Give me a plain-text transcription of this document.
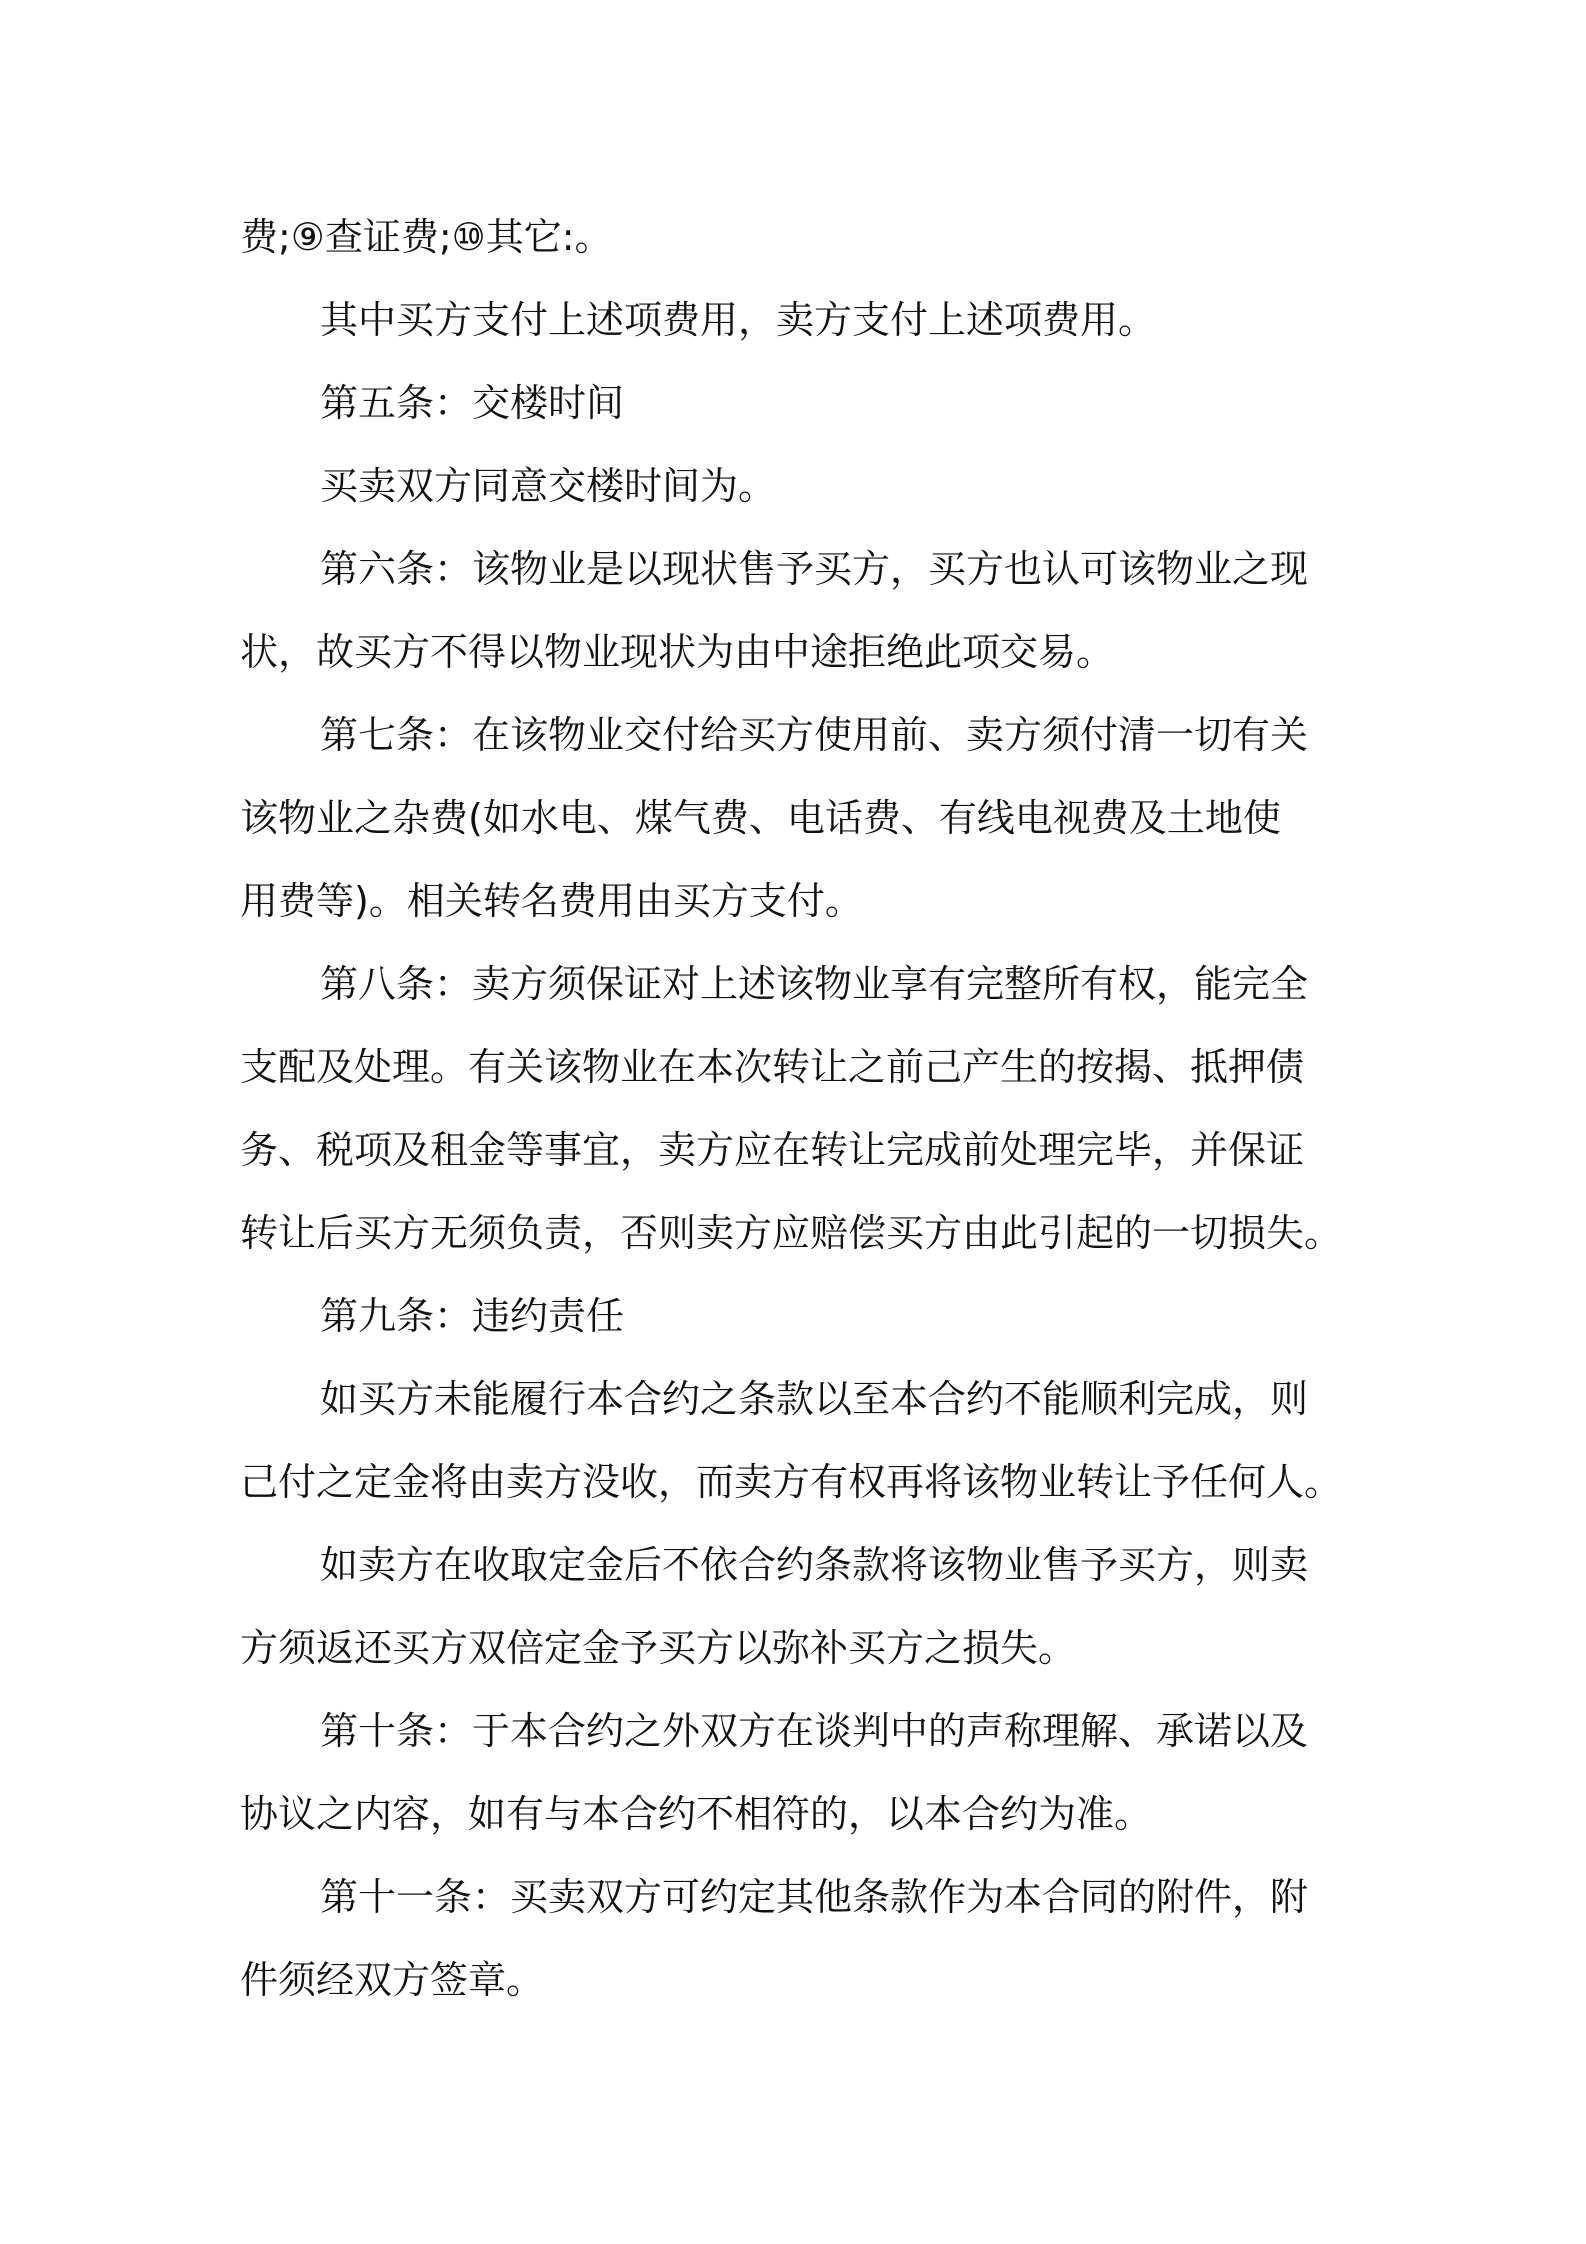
费;⑨查证费;⑩其它:。
其中买方支付上述项费用，卖方支付上述项费用。
第五条：交楼时间
买卖双方同意交楼时间为。
第六条：该物业是以现状售予买方，买方也认可该物业之现
状，故买方不得以物业现状为由中途拒绝此项交易。
第七条：在该物业交付给买方使用前、卖方须付清一切有关
该物业之杂费(如水电、煤气费、电话费、有线电视费及土地使
用费等)。相关转名费用由买方支付。
第八条：卖方须保证对上述该物业享有完整所有权，能完全
支配及处理。有关该物业在本次转让之前己产生的按揭、抵押债
务、税项及租金等事宜，卖方应在转让完成前处理完毕，并保证
转让后买方无须负责，否则卖方应赔偿买方由此引起的一切损失。
第九条：违约责任
如买方未能履行本合约之条款以至本合约不能顺利完成，则
己付之定金将由卖方没收，而卖方有权再将该物业转让予任何人。
如卖方在收取定金后不依合约条款将该物业售予买方，则卖
方须返还买方双倍定金予买方以弥补买方之损失。
第十条：于本合约之外双方在谈判中的声称理解、承诺以及
协议之内容，如有与本合约不相符的，以本合约为准。
第十一条：买卖双方可约定其他条款作为本合同的附件，附
件须经双方签章。
